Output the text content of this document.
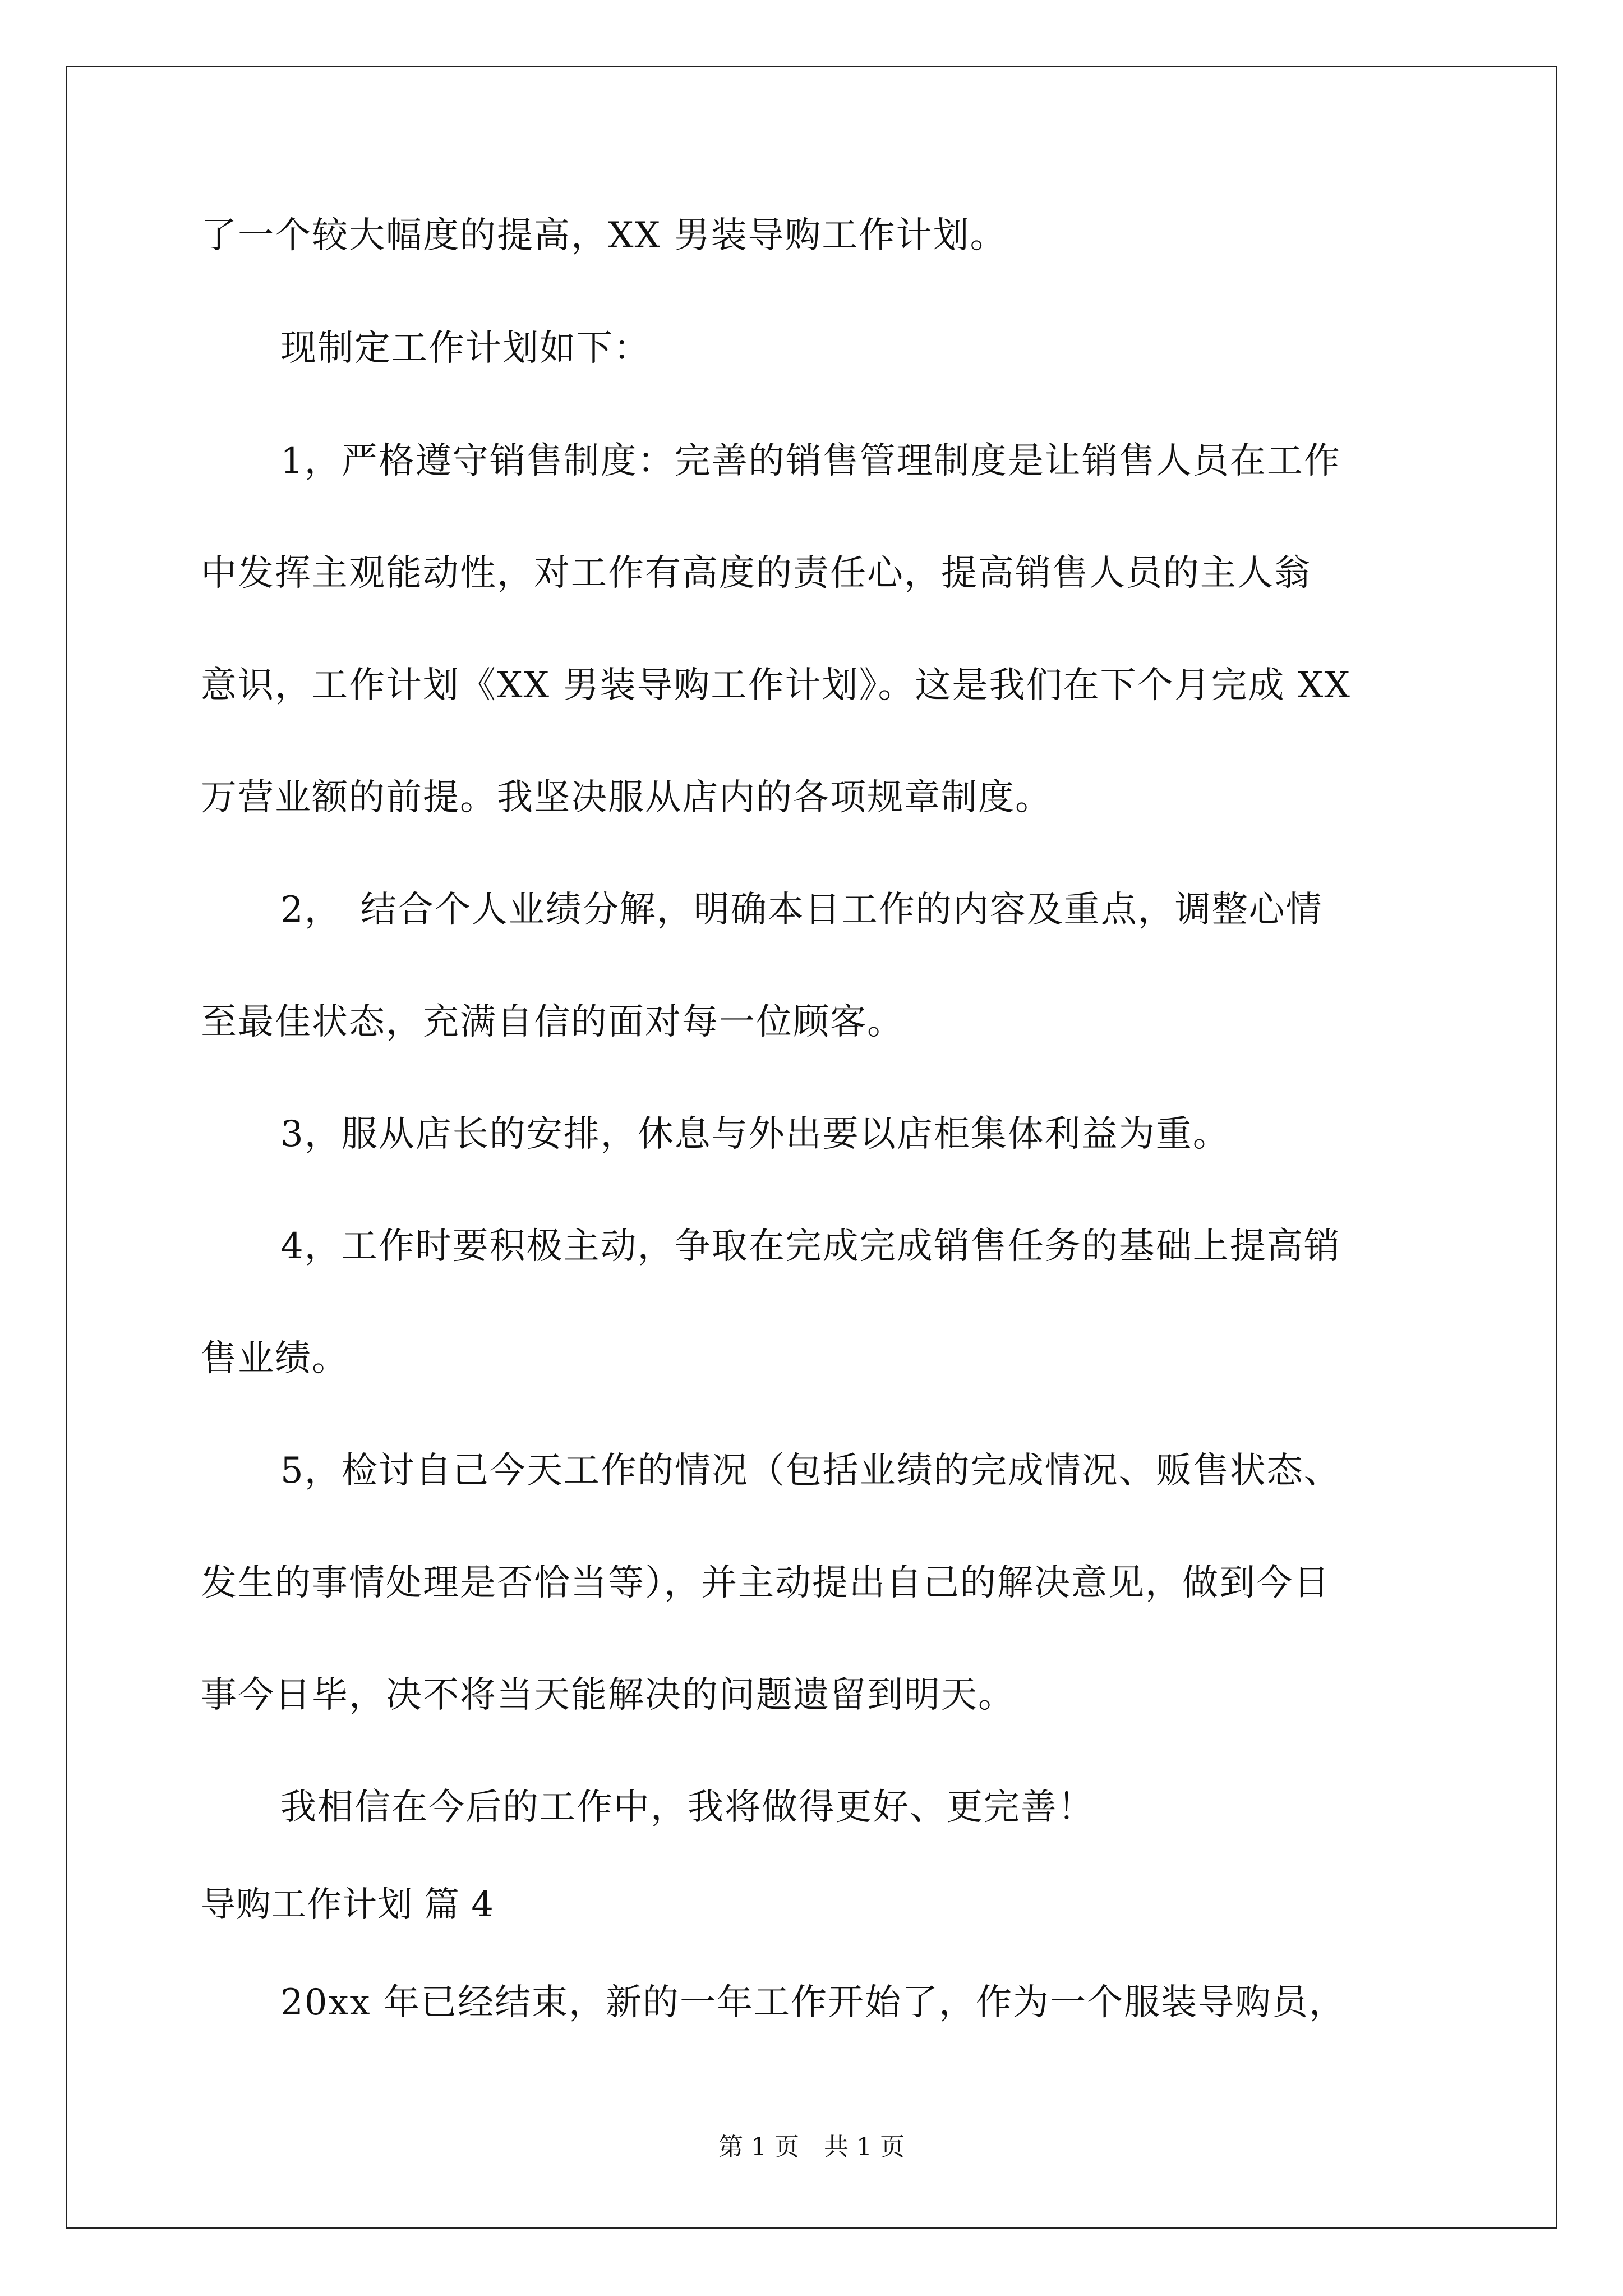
了一个较大幅度的提高，XX 男装导购工作计划。
现制定工作计划如下：
1，严格遵守销售制度：完善的销售管理制度是让销售人员在工作
中发挥主观能动性，对工作有高度的责任心，提高销售人员的主人翁
意识，工作计划《XX 男装导购工作计划》。这是我们在下个月完成 XX
万营业额的前提。我坚决服从店内的各项规章制度。
2，　结合个人业绩分解，明确本日工作的内容及重点，调整心情
至最佳状态，充满自信的面对每一位顾客。
3，服从店长的安排，休息与外出要以店柜集体利益为重。
4，工作时要积极主动，争取在完成完成销售任务的基础上提高销
售业绩。
5，检讨自己今天工作的情况（包括业绩的完成情况、贩售状态、
发生的事情处理是否恰当等），并主动提出自己的解决意见，做到今日
事今日毕，决不将当天能解决的问题遗留到明天。
我相信在今后的工作中，我将做得更好、更完善！
导购工作计划 篇 4
20xx 年已经结束，新的一年工作开始了，作为一个服装导购员，
第 1 页　共 1 页
